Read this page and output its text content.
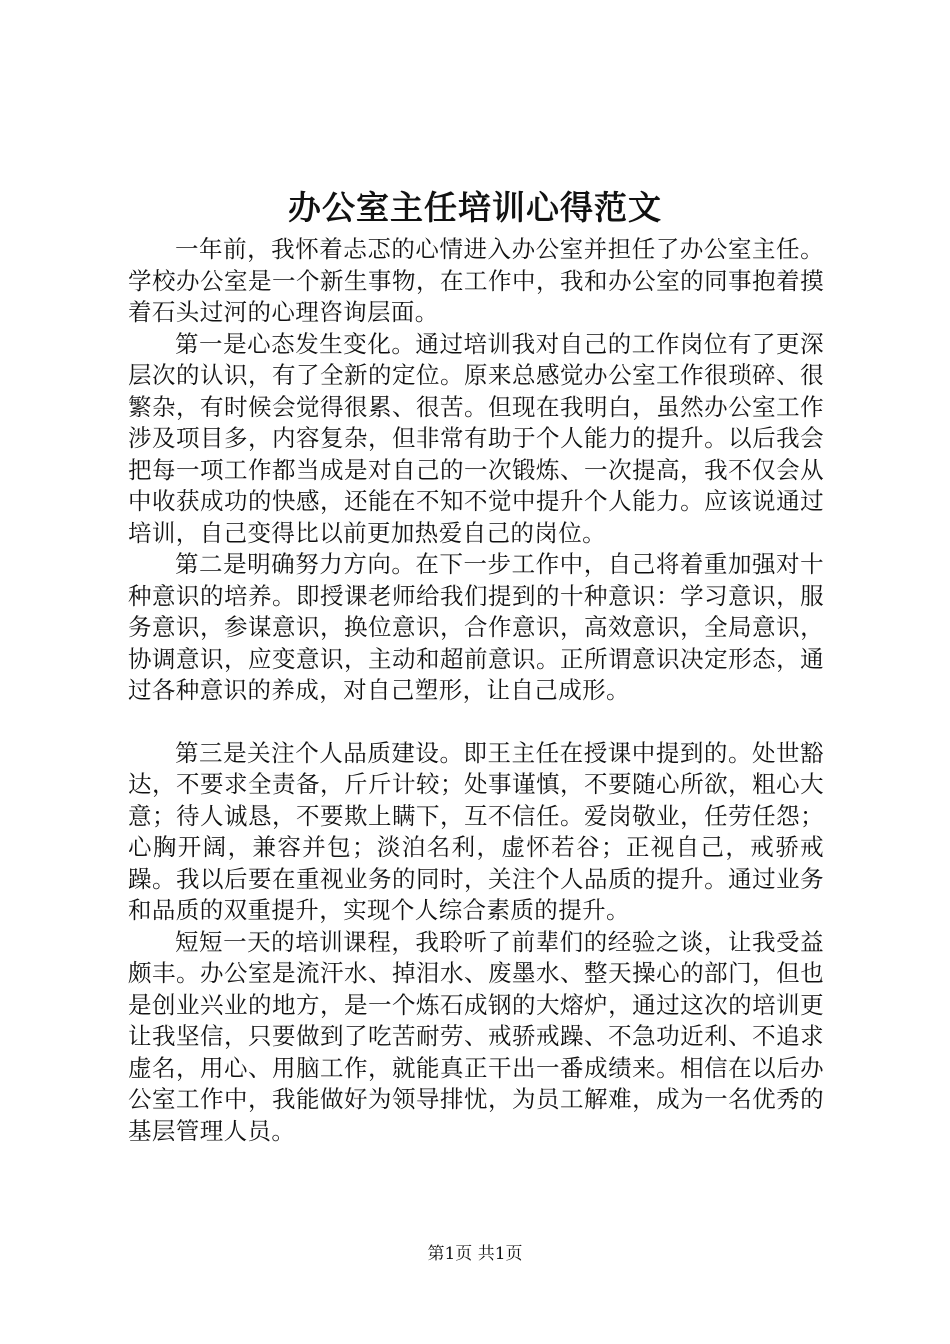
办公室主任培训心得范文

一年前，我怀着忐忑的心情进入办公室并担任了办公室主任。学校办公室是一个新生事物，在工作中，我和办公室的同事抱着摸着石头过河的心理咨询层面。

第一是心态发生变化。通过培训我对自己的工作岗位有了更深层次的认识，有了全新的定位。原来总感觉办公室工作很琐碎、很繁杂，有时候会觉得很累、很苦。但现在我明白，虽然办公室工作涉及项目多，内容复杂，但非常有助于个人能力的提升。以后我会把每一项工作都当成是对自己的一次锻炼、一次提高，我不仅会从中收获成功的快感，还能在不知不觉中提升个人能力。应该说通过培训，自己变得比以前更加热爱自己的岗位。

第二是明确努力方向。在下一步工作中，自己将着重加强对十种意识的培养。即授课老师给我们提到的十种意识：学习意识，服务意识，参谋意识，换位意识，合作意识，高效意识，全局意识，协调意识，应变意识，主动和超前意识。正所谓意识决定形态，通过各种意识的养成，对自己塑形，让自己成形。

第三是关注个人品质建设。即王主任在授课中提到的。处世豁达，不要求全责备，斤斤计较；处事谨慎，不要随心所欲，粗心大意；待人诚恳，不要欺上瞒下，互不信任。爱岗敬业，任劳任怨；心胸开阔，兼容并包；淡泊名利，虚怀若谷；正视自己，戒骄戒躁。我以后要在重视业务的同时，关注个人品质的提升。通过业务和品质的双重提升，实现个人综合素质的提升。

短短一天的培训课程，我聆听了前辈们的经验之谈，让我受益颇丰。办公室是流汗水、掉泪水、废墨水、整天操心的部门，但也是创业兴业的地方，是一个炼石成钢的大熔炉，通过这次的培训更让我坚信，只要做到了吃苦耐劳、戒骄戒躁、不急功近利、不追求虚名，用心、用脑工作，就能真正干出一番成绩来。相信在以后办公室工作中，我能做好为领导排忧，为员工解难，成为一名优秀的基层管理人员。

第1页 共1页
